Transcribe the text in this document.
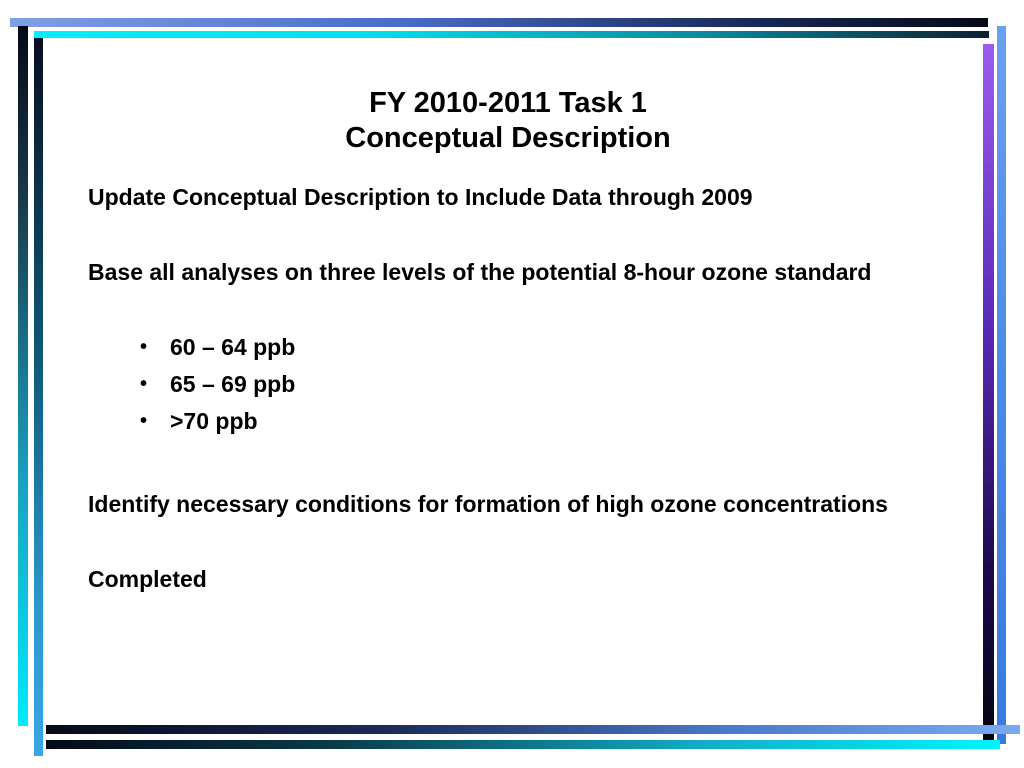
FY 2010-2011 Task 1
Conceptual Description

Update Conceptual Description to Include Data through 2009

Base all analyses on three levels of the potential 8-hour ozone standard

• 60 – 64 ppb
• 65 – 69 ppb
• >70 ppb

Identify necessary conditions for formation of high ozone concentrations

Completed
